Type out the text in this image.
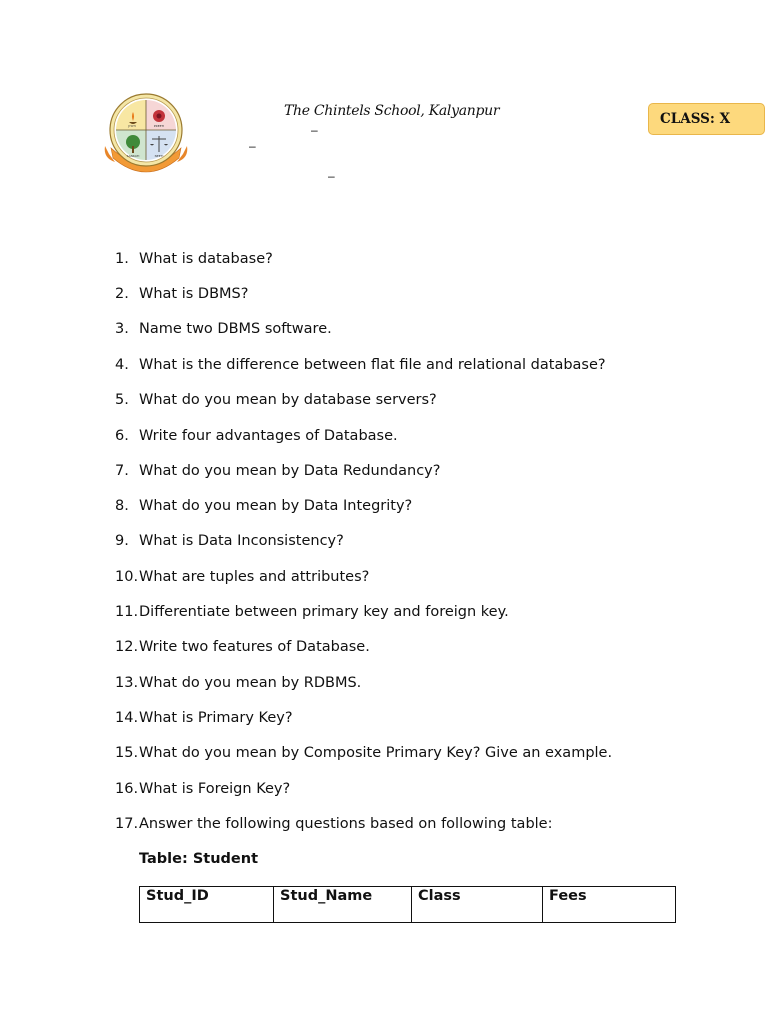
JYOTI	PREETI
SANKATI	NEETI
The Chintels School, Kalyanpur
–
–
–
CLASS: X
1. What is database?
2. What is DBMS?
3. Name two DBMS software.
4. What is the difference between flat file and relational database?
5. What do you mean by database servers?
6. Write four advantages of Database.
7. What do you mean by Data Redundancy?
8. What do you mean by Data Integrity?
9. What is Data Inconsistency?
10. What are tuples and attributes?
11. Differentiate between primary key and foreign key.
12. Write two features of Database.
13. What do you mean by RDBMS.
14. What is Primary Key?
15. What do you mean by Composite Primary Key? Give an example.
16. What is Foreign Key?
17. Answer the following questions based on following table:
Table: Student
Stud_ID	Stud_Name	Class	Fees
